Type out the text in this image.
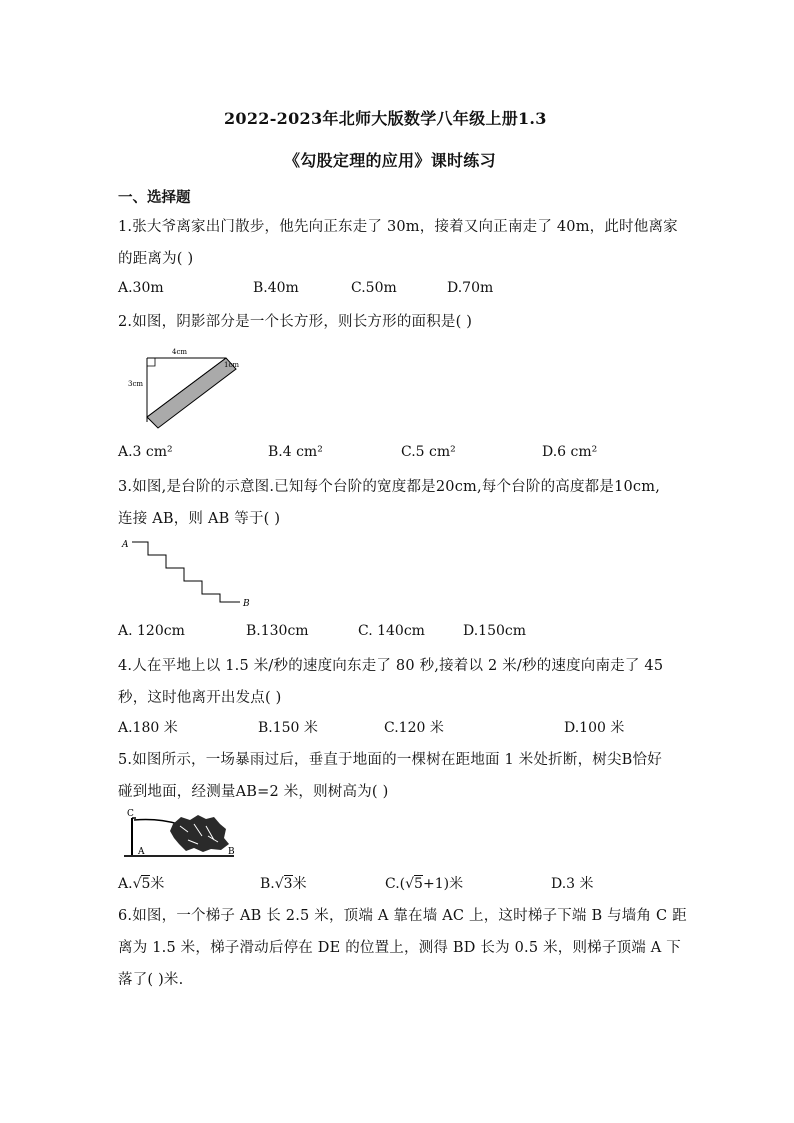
2022-2023年北师大版数学八年级上册1.3
《勾股定理的应用》课时练习
一、选择题
1.张大爷离家出门散步，他先向正东走了 30m，接着又向正南走了 40m，此时他离家
的距离为( )
A.30m	B.40m	C.50m	D.70m
2.如图，阴影部分是一个长方形，则长方形的面积是( )
4cm
3cm
1cm
A.3 cm²	B.4 cm²	C.5 cm²	D.6 cm²
3.如图,是台阶的示意图.已知每个台阶的宽度都是20cm,每个台阶的高度都是10cm,
连接 AB，则 AB 等于( )
A
B
A. 120cm	B.130cm	C. 140cm	D.150cm
4.人在平地上以 1.5 米/秒的速度向东走了 80 秒,接着以 2 米/秒的速度向南走了 45
秒，这时他离开出发点( )
A.180 米	B.150 米	C.120 米	D.100 米
5.如图所示，一场暴雨过后，垂直于地面的一棵树在距地面 1 米处折断，树尖B恰好
碰到地面，经测量AB=2 米，则树高为( )
C
A	B
A.√5米	B.√3米	C.(√5+1)米	D.3 米
6.如图，一个梯子 AB 长 2.5 米，顶端 A 靠在墙 AC 上，这时梯子下端 B 与墙角 C 距
离为 1.5 米，梯子滑动后停在 DE 的位置上，测得 BD 长为 0.5 米，则梯子顶端 A 下
落了( )米.
